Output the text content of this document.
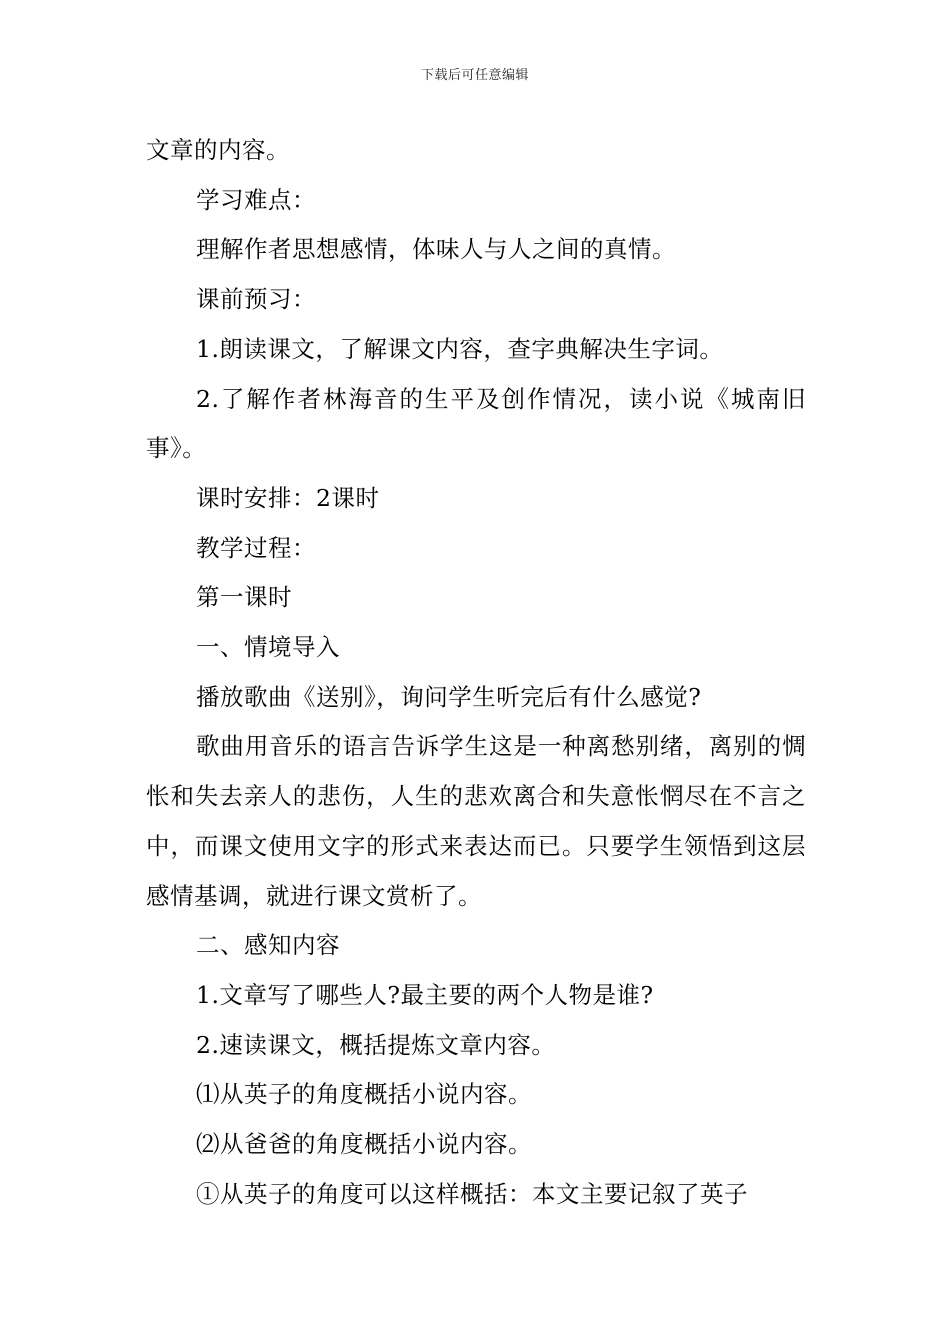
下载后可任意编辑

文章的内容。

学习难点：

理解作者思想感情，体味人与人之间的真情。

课前预习：

1.朗读课文，了解课文内容，查字典解决生字词。

2.了解作者林海音的生平及创作情况，读小说《城南旧事》。

课时安排：2课时

教学过程：

第一课时

一、情境导入

播放歌曲《送别》，询问学生听完后有什么感觉?

歌曲用音乐的语言告诉学生这是一种离愁别绪，离别的惆怅和失去亲人的悲伤，人生的悲欢离合和失意怅惘尽在不言之中，而课文使用文字的形式来表达而已。只要学生领悟到这层感情基调，就进行课文赏析了。

二、感知内容

1.文章写了哪些人?最主要的两个人物是谁?

2.速读课文，概括提炼文章内容。

⑴从英子的角度概括小说内容。

⑵从爸爸的角度概括小说内容。

①从英子的角度可以这样概括：本文主要记叙了英子
